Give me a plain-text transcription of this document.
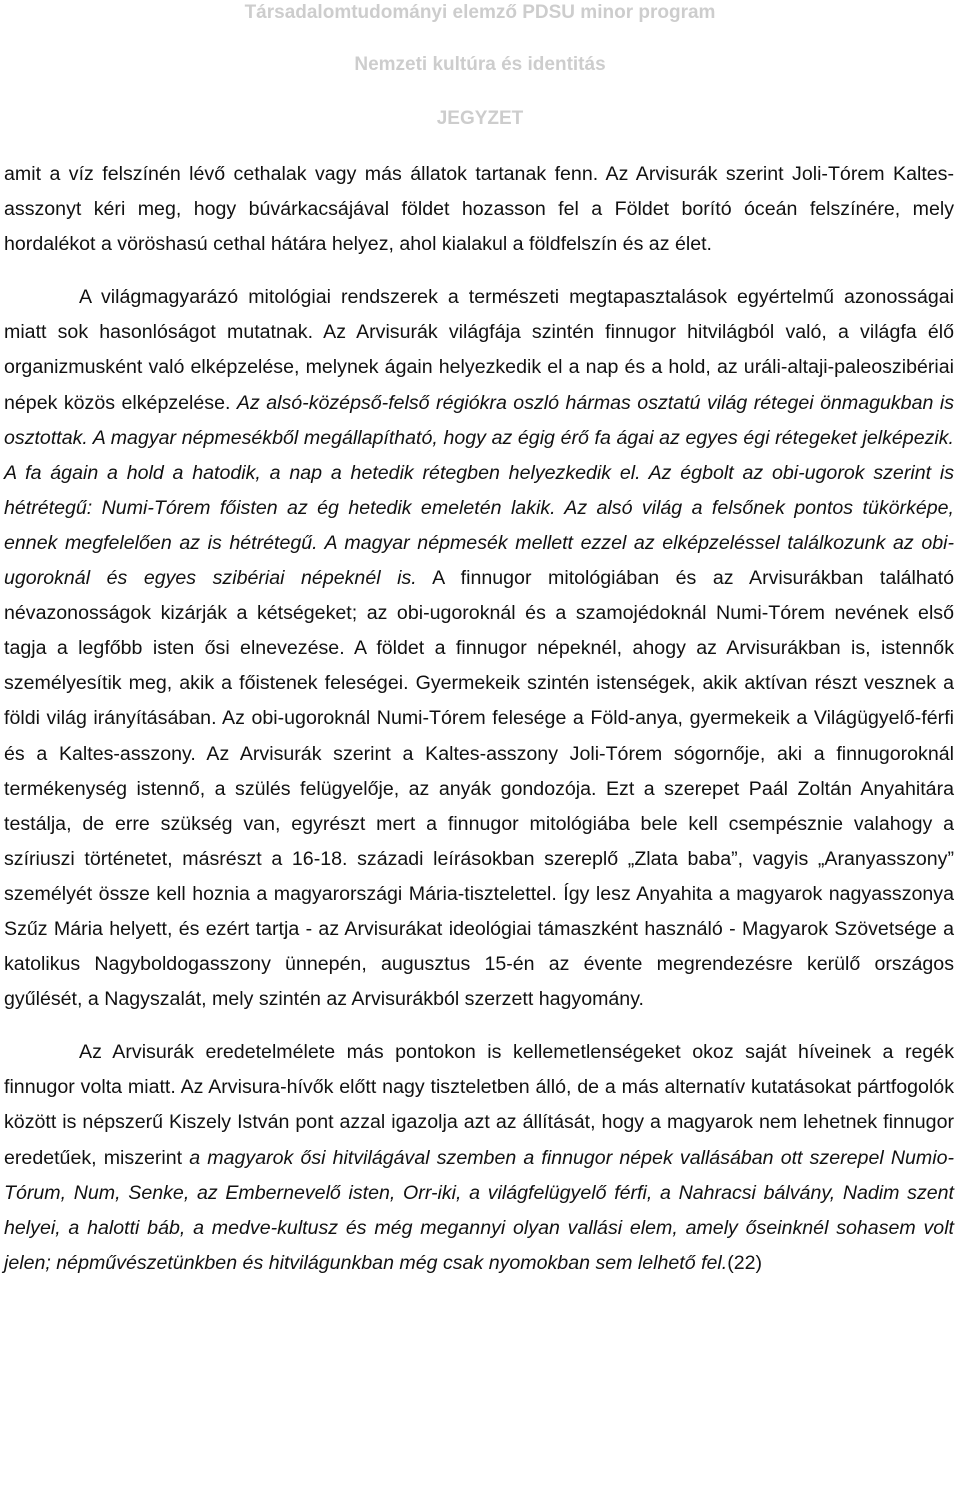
Társadalomtudományi elemző PDSU minor program
Nemzeti kultúra és identitás
JEGYZET

amit a víz felszínén lévő cethalak vagy más állatok tartanak fenn. Az Arvisurák szerint Joli-Tórem Kaltes-asszonyt kéri meg, hogy búvárkacsájával földet hozasson fel a Földet borító óceán felszínére, mely hordalékot a vöröshasú cethal hátára helyez, ahol kialakul a földfelszín és az élet.

A világmagyarázó mitológiai rendszerek a természeti megtapasztalások egyértelmű azonosságai miatt sok hasonlóságot mutatnak. Az Arvisurák világfája szintén finnugor hitvilágból való, a világfa élő organizmusként való elképzelése, melynek ágain helyezkedik el a nap és a hold, az uráli-altaji-paleoszibériai népek közös elképzelése. Az alsó-középső-felső régiókra oszló hármas osztatú világ rétegei önmagukban is osztottak. A magyar népmesékből megállapítható, hogy az égig érő fa ágai az egyes égi rétegeket jelképezik. A fa ágain a hold a hatodik, a nap a hetedik rétegben helyezkedik el. Az égbolt az obi-ugorok szerint is hétrétegű: Numi-Tórem főisten az ég hetedik emeletén lakik. Az alsó világ a felsőnek pontos tükörképe, ennek megfelelően az is hétrétegű. A magyar népmesék mellett ezzel az elképzeléssel találkozunk az obi-ugoroknál és egyes szibériai népeknél is. A finnugor mitológiában és az Arvisurákban található névazonosságok kizárják a kétségeket; az obi-ugoroknál és a szamojédoknál Numi-Tórem nevének első tagja a legfőbb isten ősi elnevezése. A földet a finnugor népeknél, ahogy az Arvisurákban is, istennők személyesítik meg, akik a főistenek feleségei. Gyermekeik szintén istenségek, akik aktívan részt vesznek a földi világ irányításában. Az obi-ugoroknál Numi-Tórem felesége a Föld-anya, gyermekeik a Világügyelő-férfi és a Kaltes-asszony. Az Arvisurák szerint a Kaltes-asszony Joli-Tórem sógornője, aki a finnugoroknál termékenység istennő, a szülés felügyelője, az anyák gondozója. Ezt a szerepet Paál Zoltán Anyahitára testálja, de erre szükség van, egyrészt mert a finnugor mitológiába bele kell csempésznie valahogy a szíriuszi történetet, másrészt a 16-18. századi leírásokban szereplő „Zlata baba”, vagyis „Aranyasszony” személyét össze kell hoznia a magyarországi Mária-tisztelettel. Így lesz Anyahita a magyarok nagyasszonya Szűz Mária helyett, és ezért tartja - az Arvisurákat ideológiai támaszként használó - Magyarok Szövetsége a katolikus Nagyboldogasszony ünnepén, augusztus 15-én az évente megrendezésre kerülő országos gyűlését, a Nagyszalát, mely szintén az Arvisurákból szerzett hagyomány.

Az Arvisurák eredetelmélete más pontokon is kellemetlenségeket okoz saját híveinek a regék finnugor volta miatt. Az Arvisura-hívők előtt nagy tiszteletben álló, de a más alternatív kutatásokat pártfogolók között is népszerű Kiszely István pont azzal igazolja azt az állítását, hogy a magyarok nem lehetnek finnugor eredetűek, miszerint a magyarok ősi hitvilágával szemben a finnugor népek vallásában ott szerepel Numio-Tórum, Num, Senke, az Embernevelő isten, Orr-iki, a világfelügyelő férfi, a Nahracsi bálvány, Nadim szent helyei, a halotti báb, a medve-kultusz és még megannyi olyan vallási elem, amely őseinknél sohasem volt jelen; népművészetünkben és hitvilágunkban még csak nyomokban sem lelhető fel.(22)
